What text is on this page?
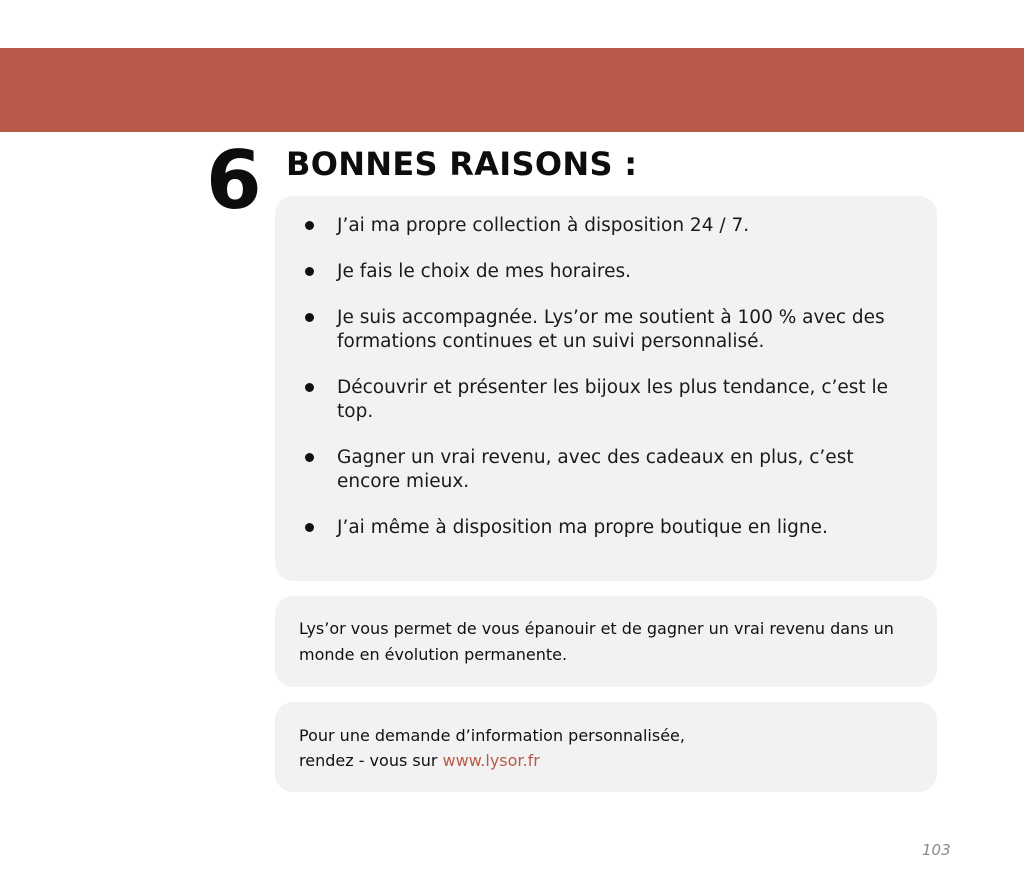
6 BONNES RAISONS :
J’ai ma propre collection à disposition 24 / 7.
Je fais le choix de mes horaires.
Je suis accompagnée. Lys’or me soutient à 100 % avec des formations continues et un suivi personnalisé.
Découvrir et présenter les bijoux les plus tendance, c’est le top.
Gagner un vrai revenu, avec des cadeaux en plus, c’est encore mieux.
J’ai même à disposition ma propre boutique en ligne.
Lys’or vous permet de vous épanouir et de gagner un vrai revenu dans un monde en évolution permanente.
Pour une demande d’information personnalisée,
rendez - vous sur www.lysor.fr
103
